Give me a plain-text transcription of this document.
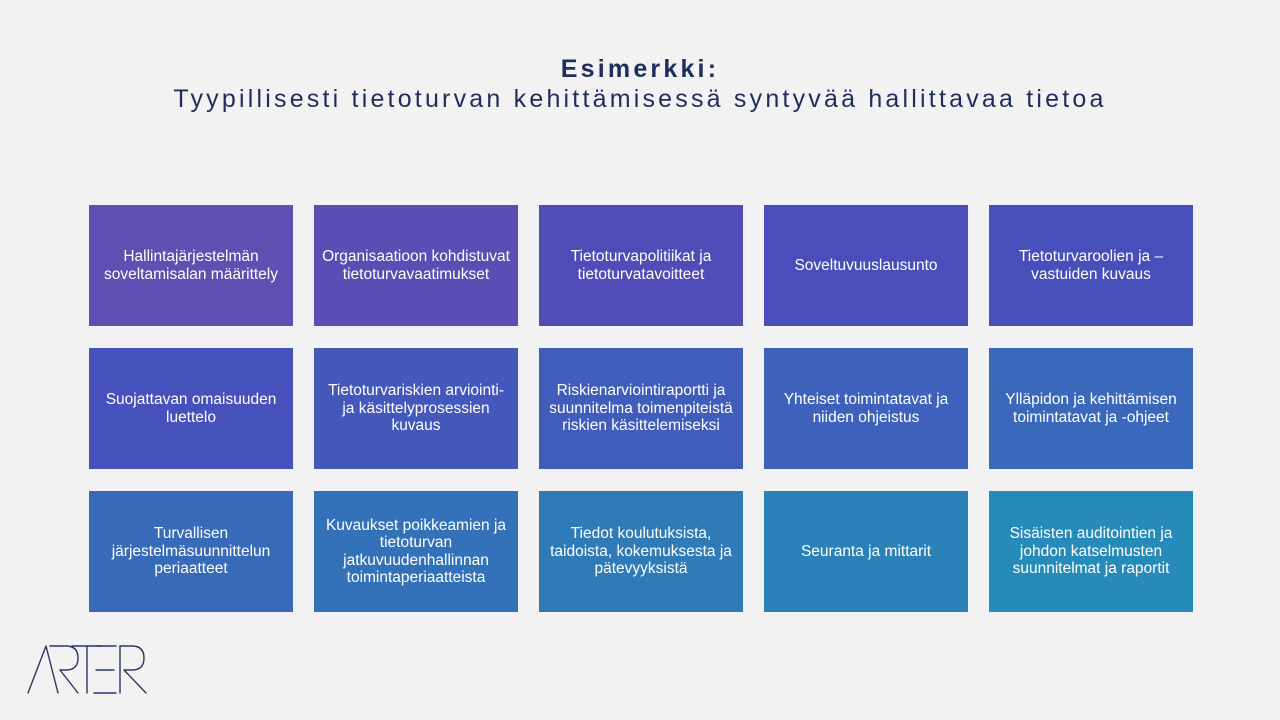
Esimerkki:
Tyypillisesti tietoturvan kehittämisessä syntyvää hallittavaa tietoa
Hallintajärjestelmän soveltamisalan määrittely
Organisaatioon kohdistuvat tietoturvavaatimukset
Tietoturvapolitiikat ja tietoturvatavoitteet
Soveltuvuuslausunto
Tietoturvaroolien ja –vastuiden kuvaus
Suojattavan omaisuuden luettelo
Tietoturvariskien arviointi- ja käsittelyprosessien kuvaus
Riskienarviointiraportti ja suunnitelma toimenpiteistä riskien käsittelemiseksi
Yhteiset toimintatavat ja niiden ohjeistus
Ylläpidon ja kehittämisen toimintatavat ja -ohjeet
Turvallisen järjestelmäsuunnittelun periaatteet
Kuvaukset poikkeamien ja tietoturvan jatkuvuudenhallinnan toimintaperiaatteista
Tiedot koulutuksista, taidoista, kokemuksesta ja pätevyyksistä
Seuranta ja mittarit
Sisäisten auditointien ja johdon katselmusten suunnitelmat ja raportit
